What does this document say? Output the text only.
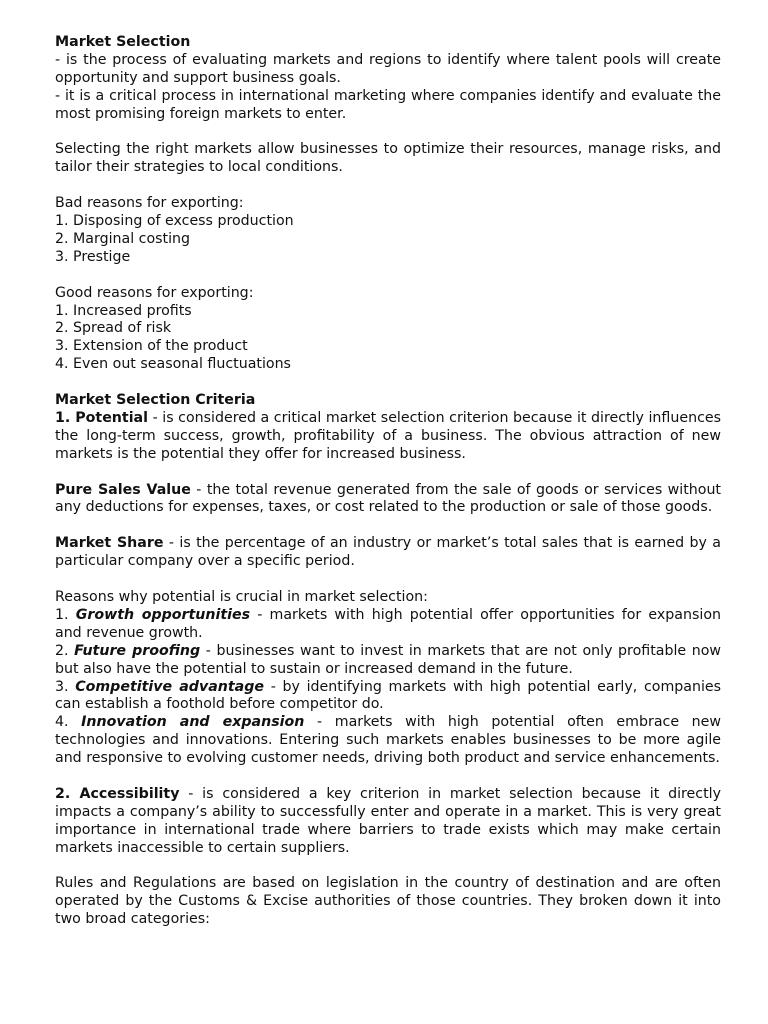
Market Selection
- is the process of evaluating markets and regions to identify where talent pools will create opportunity and support business goals.
- it is a critical process in international marketing where companies identify and evaluate the most promising foreign markets to enter.
Selecting the right markets allow businesses to optimize their resources, manage risks, and tailor their strategies to local conditions.
Bad reasons for exporting:
1. Disposing of excess production
2. Marginal costing
3. Prestige
Good reasons for exporting:
1. Increased profits
2. Spread of risk
3. Extension of the product
4. Even out seasonal fluctuations
Market Selection Criteria
1. Potential - is considered a critical market selection criterion because it directly influences the long-term success, growth, profitability of a business. The obvious attraction of new markets is the potential they offer for increased business.
Pure Sales Value - the total revenue generated from the sale of goods or services without any deductions for expenses, taxes, or cost related to the production or sale of those goods.
Market Share - is the percentage of an industry or market’s total sales that is earned by a particular company over a specific period.
Reasons why potential is crucial in market selection:
1. Growth opportunities - markets with high potential offer opportunities for expansion and revenue growth.
2. Future proofing - businesses want to invest in markets that are not only profitable now but also have the potential to sustain or increased demand in the future.
3. Competitive advantage - by identifying markets with high potential early, companies can establish a foothold before competitor do.
4. Innovation and expansion - markets with high potential often embrace new technologies and innovations. Entering such markets enables businesses to be more agile and responsive to evolving customer needs, driving both product and service enhancements.
2. Accessibility - is considered a key criterion in market selection because it directly impacts a company’s ability to successfully enter and operate in a market. This is very great importance in international trade where barriers to trade exists which may make certain markets inaccessible to certain suppliers.
Rules and Regulations are based on legislation in the country of destination and are often operated by the Customs & Excise authorities of those countries. They broken down it into two broad categories:
